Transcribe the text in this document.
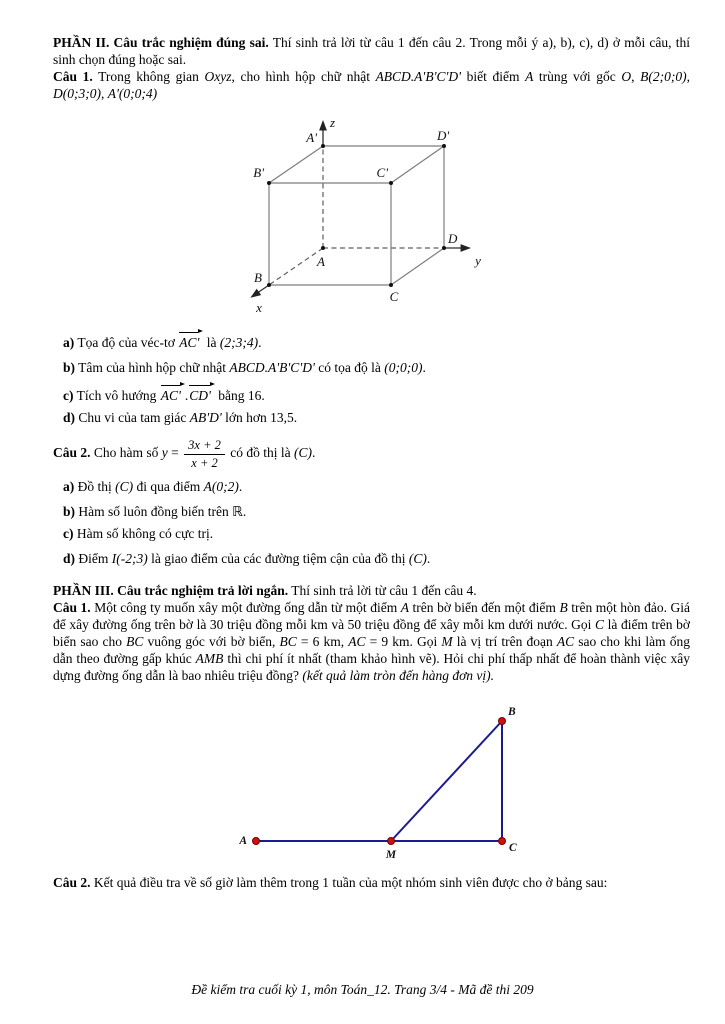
PHẦN II. Câu trắc nghiệm đúng sai. Thí sinh trả lời từ câu 1 đến câu 2. Trong mỗi ý a), b), c), d) ở mỗi câu, thí sinh chọn đúng hoặc sai.

Câu 1. Trong không gian Oxyz, cho hình hộp chữ nhật ABCD.A'B'C'D' biết điểm A trùng với gốc O, B(2;0;0), D(0;3;0), A'(0;0;4)

z
y
x
A'	D'
B'	C'
A
B
C
D

a) Tọa độ của véc-tơ AC' là (2;3;4).

b) Tâm của hình hộp chữ nhật ABCD.A'B'C'D' có tọa độ là (0;0;0).

c) Tích vô hướng AC' .CD' bằng 16.

d) Chu vi của tam giác AB'D' lớn hơn 13,5.

Câu 2. Cho hàm số $y = \frac{3x + 2}{x + 2}$ có đồ thị là (C).

a) Đồ thị (C) đi qua điểm A(0;2).

b) Hàm số luôn đồng biến trên ℝ.

c) Hàm số không có cực trị.

d) Điểm I(-2;3) là giao điểm của các đường tiệm cận của đồ thị (C).

PHẦN III. Câu trắc nghiệm trả lời ngắn. Thí sinh trả lời từ câu 1 đến câu 4.

Câu 1. Một công ty muốn xây một đường ống dẫn từ một điểm A trên bờ biển đến một điểm B trên một hòn đảo. Giá để xây đường ống trên bờ là 30 triệu đồng mỗi km và 50 triệu đồng để xây mỗi km dưới nước. Gọi C là điểm trên bờ biển sao cho BC vuông góc với bờ biển, BC = 6 km, AC = 9 km. Gọi M là vị trí trên đoạn AC sao cho khi làm ống dẫn theo đường gấp khúc AMB thì chi phí ít nhất (tham khảo hình vẽ). Hỏi chi phí thấp nhất để hoàn thành việc xây dựng đường ống dẫn là bao nhiêu triệu đồng? (kết quả làm tròn đến hàng đơn vị).

A
M
C
B

Câu 2. Kết quả điều tra về số giờ làm thêm trong 1 tuần của một nhóm sinh viên được cho ở bảng sau:

Đề kiểm tra cuối kỳ 1, môn Toán_12. Trang 3/4 - Mã đề thi 209
